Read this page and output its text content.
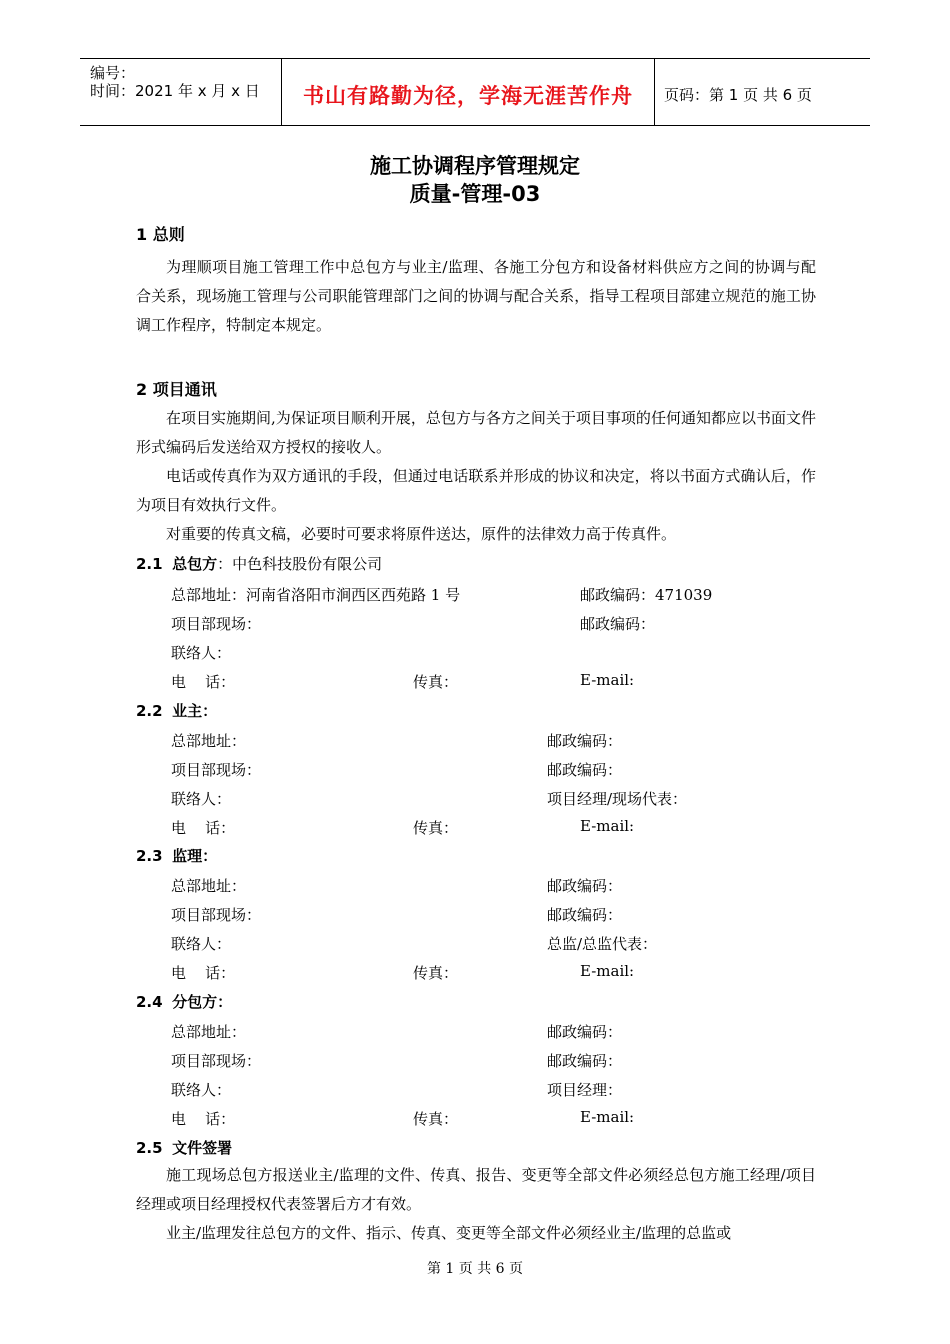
编号：
时间：2021 年 x 月 x 日	书山有路勤为径，学海无涯苦作舟	页码：第 1 页 共 6 页
施工协调程序管理规定
质量-管理-03
1 总则

为理顺项目施工管理工作中总包方与业主/监理、各施工分包方和设备材料供应方之间的协调与配合关系，现场施工管理与公司职能管理部门之间的协调与配合关系，指导工程项目部建立规范的施工协调工作程序，特制定本规定。

2 项目通讯

在项目实施期间,为保证项目顺利开展，总包方与各方之间关于项目事项的任何通知都应以书面文件形式编码后发送给双方授权的接收人。

电话或传真作为双方通讯的手段，但通过电话联系并形成的协议和决定，将以书面方式确认后，作为项目有效执行文件。

对重要的传真文稿，必要时可要求将原件送达，原件的法律效力高于传真件。

2.1 总包方：中色科技股份有限公司
总部地址：河南省洛阳市涧西区西苑路 1 号	邮政编码：471039
项目部现场：	邮政编码：
联络人：
电    话：	传真：	E-mail:
2.2 业主：
总部地址：	邮政编码：
项目部现场：	邮政编码：
联络人：	项目经理/现场代表：
电    话：	传真：	E-mail:
2.3 监理：
总部地址：	邮政编码：
项目部现场：	邮政编码：
联络人：	总监/总监代表：
电    话：	传真：	E-mail:
2.4 分包方：
总部地址：	邮政编码：
项目部现场：	邮政编码：
联络人：	项目经理：
电    话：	传真：	E-mail:
2.5 文件签署

施工现场总包方报送业主/监理的文件、传真、报告、变更等全部文件必须经总包方施工经理/项目经理或项目经理授权代表签署后方才有效。

业主/监理发往总包方的文件、指示、传真、变更等全部文件必须经业主/监理的总监或

第 1 页 共 6 页
